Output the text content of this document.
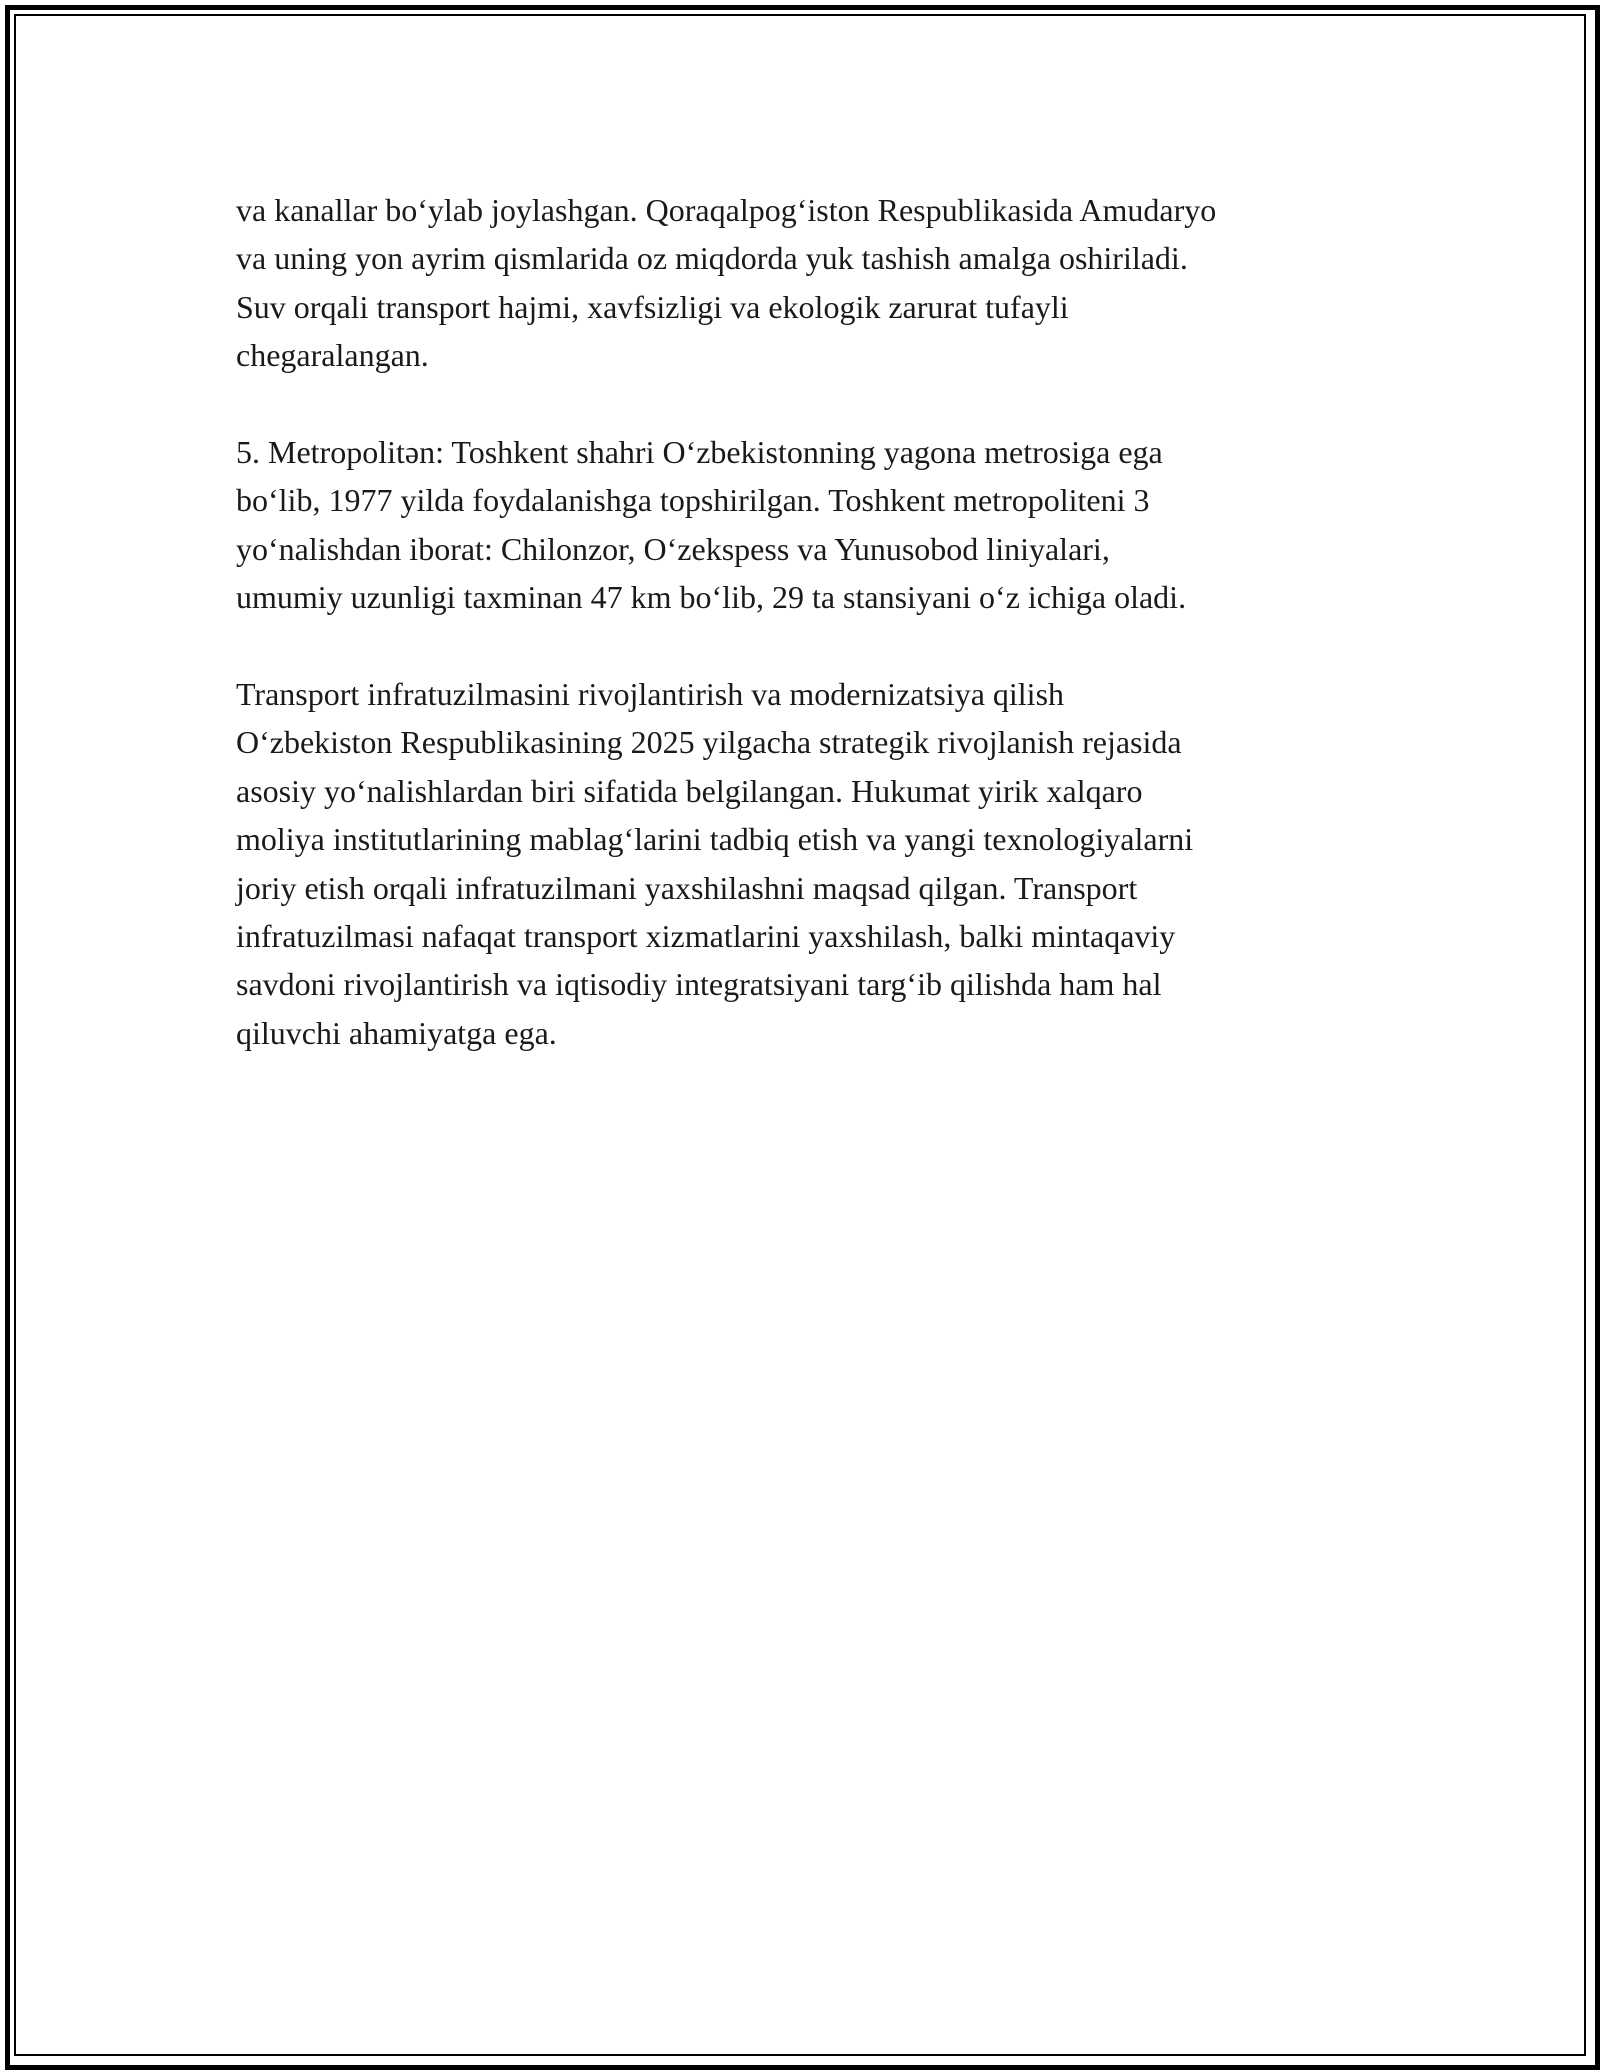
va kanallar bo‘ylab joylashgan. Qoraqalpog‘iston Respublikasida Amudaryo
va uning yon ayrim qismlarida oz miqdorda yuk tashish amalga oshiriladi.
Suv orqali transport hajmi, xavfsizligi va ekologik zarurat tufayli
chegaralangan.

5. Metropolitən: Toshkent shahri O‘zbekistonning yagona metrosiga ega
bo‘lib, 1977 yilda foydalanishga topshirilgan. Toshkent metropoliteni 3
yo‘nalishdan iborat: Chilonzor, O‘zekspess va Yunusobod liniyalari,
umumiy uzunligi taxminan 47 km bo‘lib, 29 ta stansiyani o‘z ichiga oladi.

Transport infratuzilmasini rivojlantirish va modernizatsiya qilish
O‘zbekiston Respublikasining 2025 yilgacha strategik rivojlanish rejasida
asosiy yo‘nalishlardan biri sifatida belgilangan. Hukumat yirik xalqaro
moliya institutlarining mablag‘larini tadbiq etish va yangi texnologiyalarni
joriy etish orqali infratuzilmani yaxshilashni maqsad qilgan. Transport
infratuzilmasi nafaqat transport xizmatlarini yaxshilash, balki mintaqaviy
savdoni rivojlantirish va iqtisodiy integratsiyani targ‘ib qilishda ham hal
qiluvchi ahamiyatga ega.
